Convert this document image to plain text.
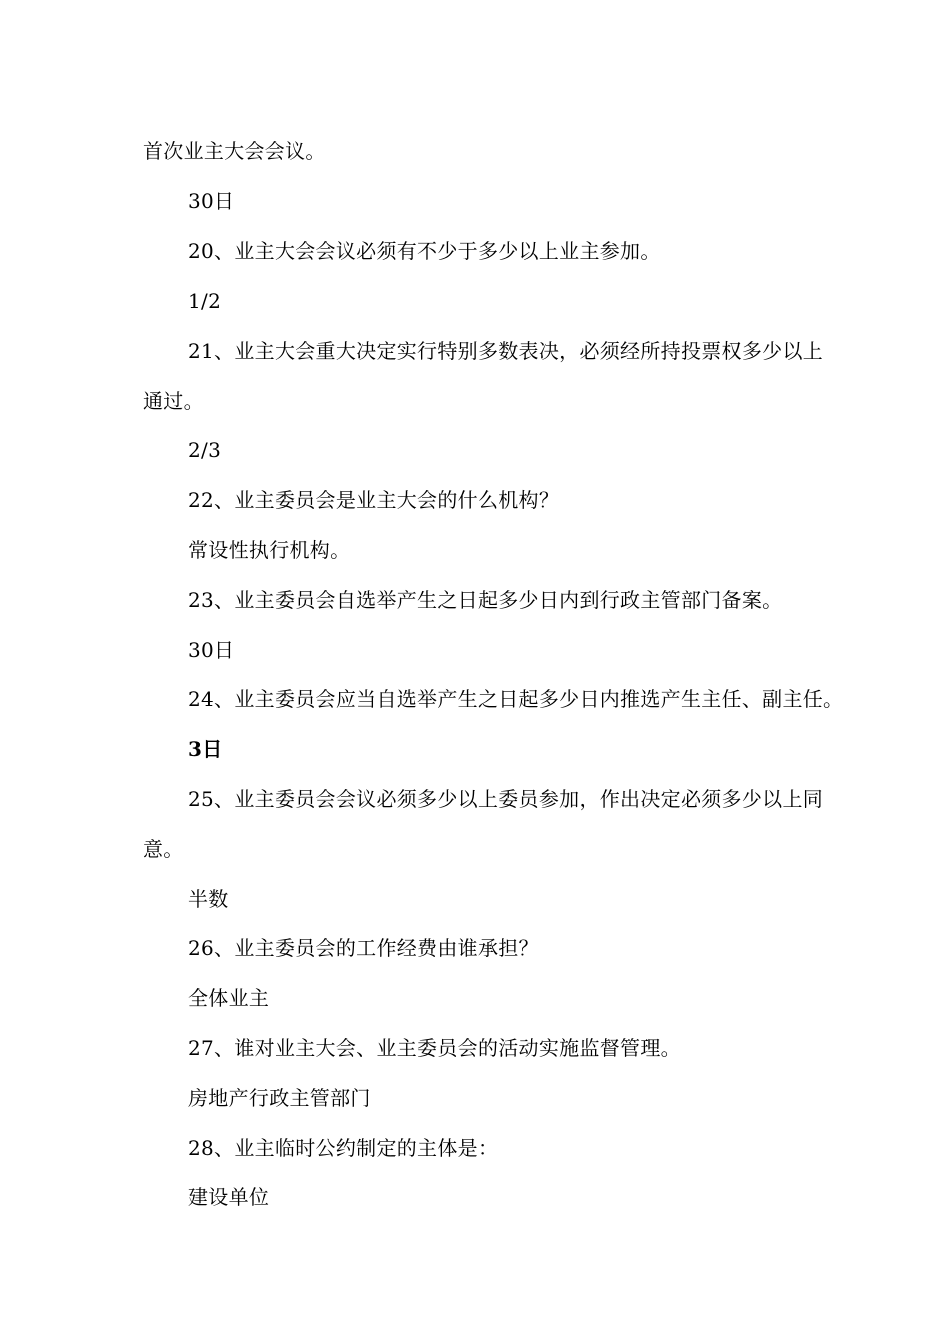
首次业主大会会议。
30日
20、业主大会会议必须有不少于多少以上业主参加。
1/2
21、业主大会重大决定实行特别多数表决，必须经所持投票权多少以上
通过。
2/3
22、业主委员会是业主大会的什么机构？
常设性执行机构。
23、业主委员会自选举产生之日起多少日内到行政主管部门备案。
30日
24、业主委员会应当自选举产生之日起多少日内推选产生主任、副主任。
3日
25、业主委员会会议必须多少以上委员参加，作出决定必须多少以上同
意。
半数
26、业主委员会的工作经费由谁承担？
全体业主
27、谁对业主大会、业主委员会的活动实施监督管理。
房地产行政主管部门
28、业主临时公约制定的主体是：
建设单位
